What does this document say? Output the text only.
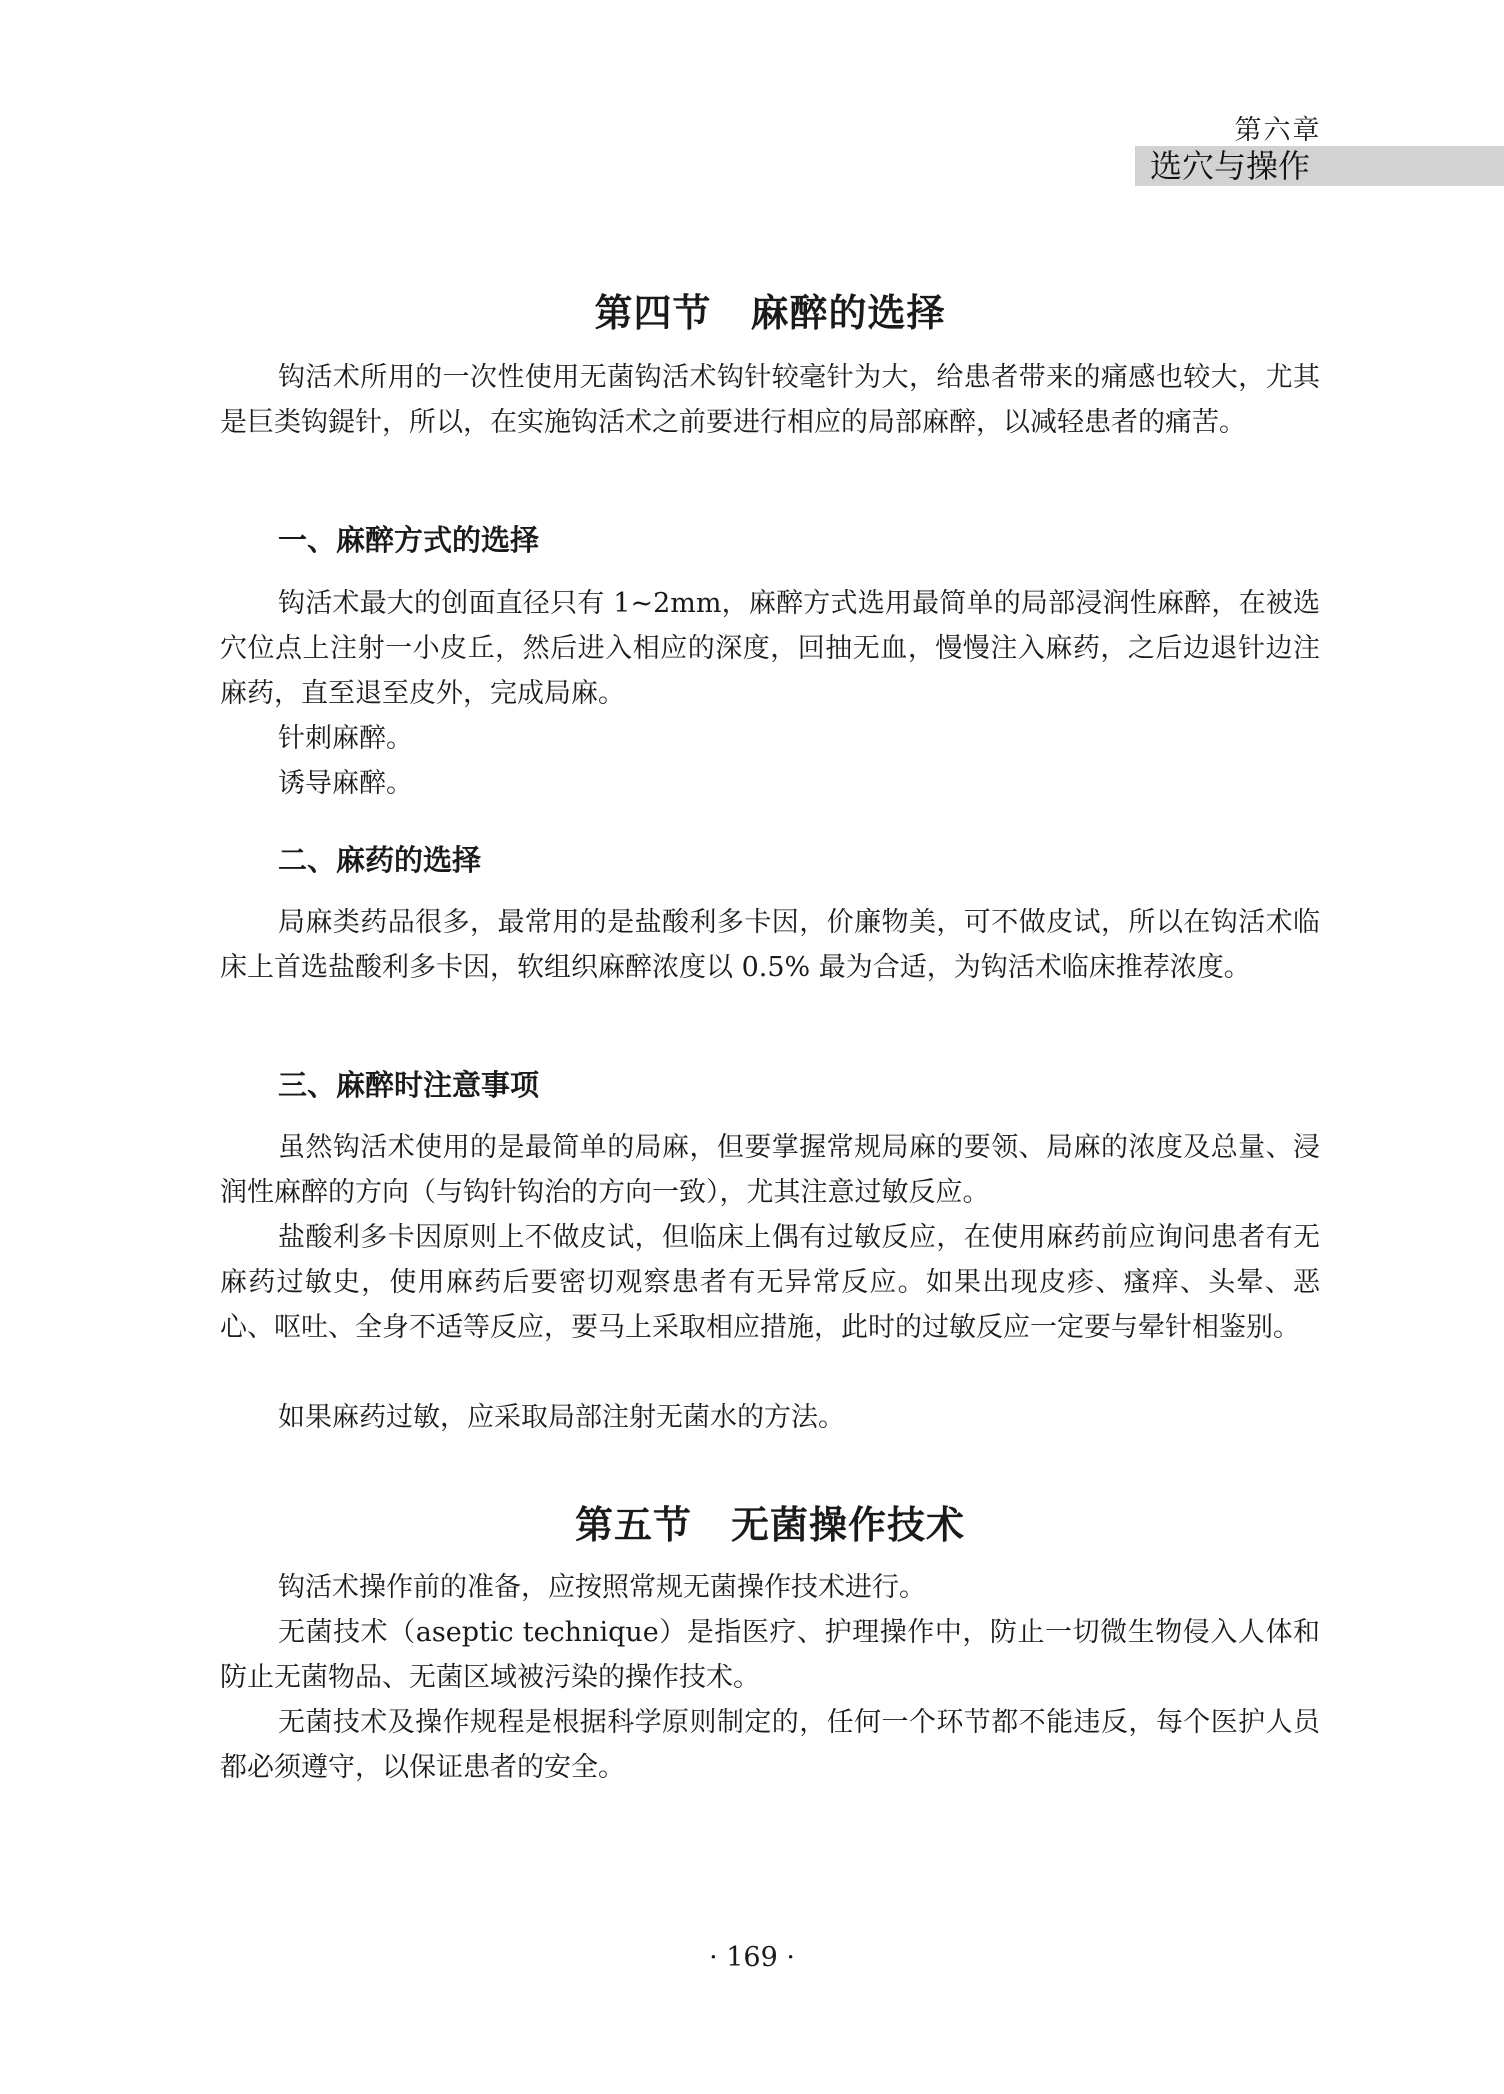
第六章
选穴与操作
第四节　麻醉的选择

钩活术所用的一次性使用无菌钩活术钩针较毫针为大，给患者带来的痛感也较大，尤其是巨类钩鍉针，所以，在实施钩活术之前要进行相应的局部麻醉，以减轻患者的痛苦。

一、麻醉方式的选择

钩活术最大的创面直径只有 1~2mm，麻醉方式选用最简单的局部浸润性麻醉，在被选穴位点上注射一小皮丘，然后进入相应的深度，回抽无血，慢慢注入麻药，之后边退针边注麻药，直至退至皮外，完成局麻。

针刺麻醉。

诱导麻醉。

二、麻药的选择

局麻类药品很多，最常用的是盐酸利多卡因，价廉物美，可不做皮试，所以在钩活术临床上首选盐酸利多卡因，软组织麻醉浓度以 0.5% 最为合适，为钩活术临床推荐浓度。

三、麻醉时注意事项

虽然钩活术使用的是最简单的局麻，但要掌握常规局麻的要领、局麻的浓度及总量、浸润性麻醉的方向（与钩针钩治的方向一致），尤其注意过敏反应。

盐酸利多卡因原则上不做皮试，但临床上偶有过敏反应，在使用麻药前应询问患者有无麻药过敏史，使用麻药后要密切观察患者有无异常反应。如果出现皮疹、瘙痒、头晕、恶心、呕吐、全身不适等反应，要马上采取相应措施，此时的过敏反应一定要与晕针相鉴别。

如果麻药过敏，应采取局部注射无菌水的方法。

第五节　无菌操作技术

钩活术操作前的准备，应按照常规无菌操作技术进行。

无菌技术（aseptic technique）是指医疗、护理操作中，防止一切微生物侵入人体和防止无菌物品、无菌区域被污染的操作技术。

无菌技术及操作规程是根据科学原则制定的，任何一个环节都不能违反，每个医护人员都必须遵守，以保证患者的安全。

· 169 ·
